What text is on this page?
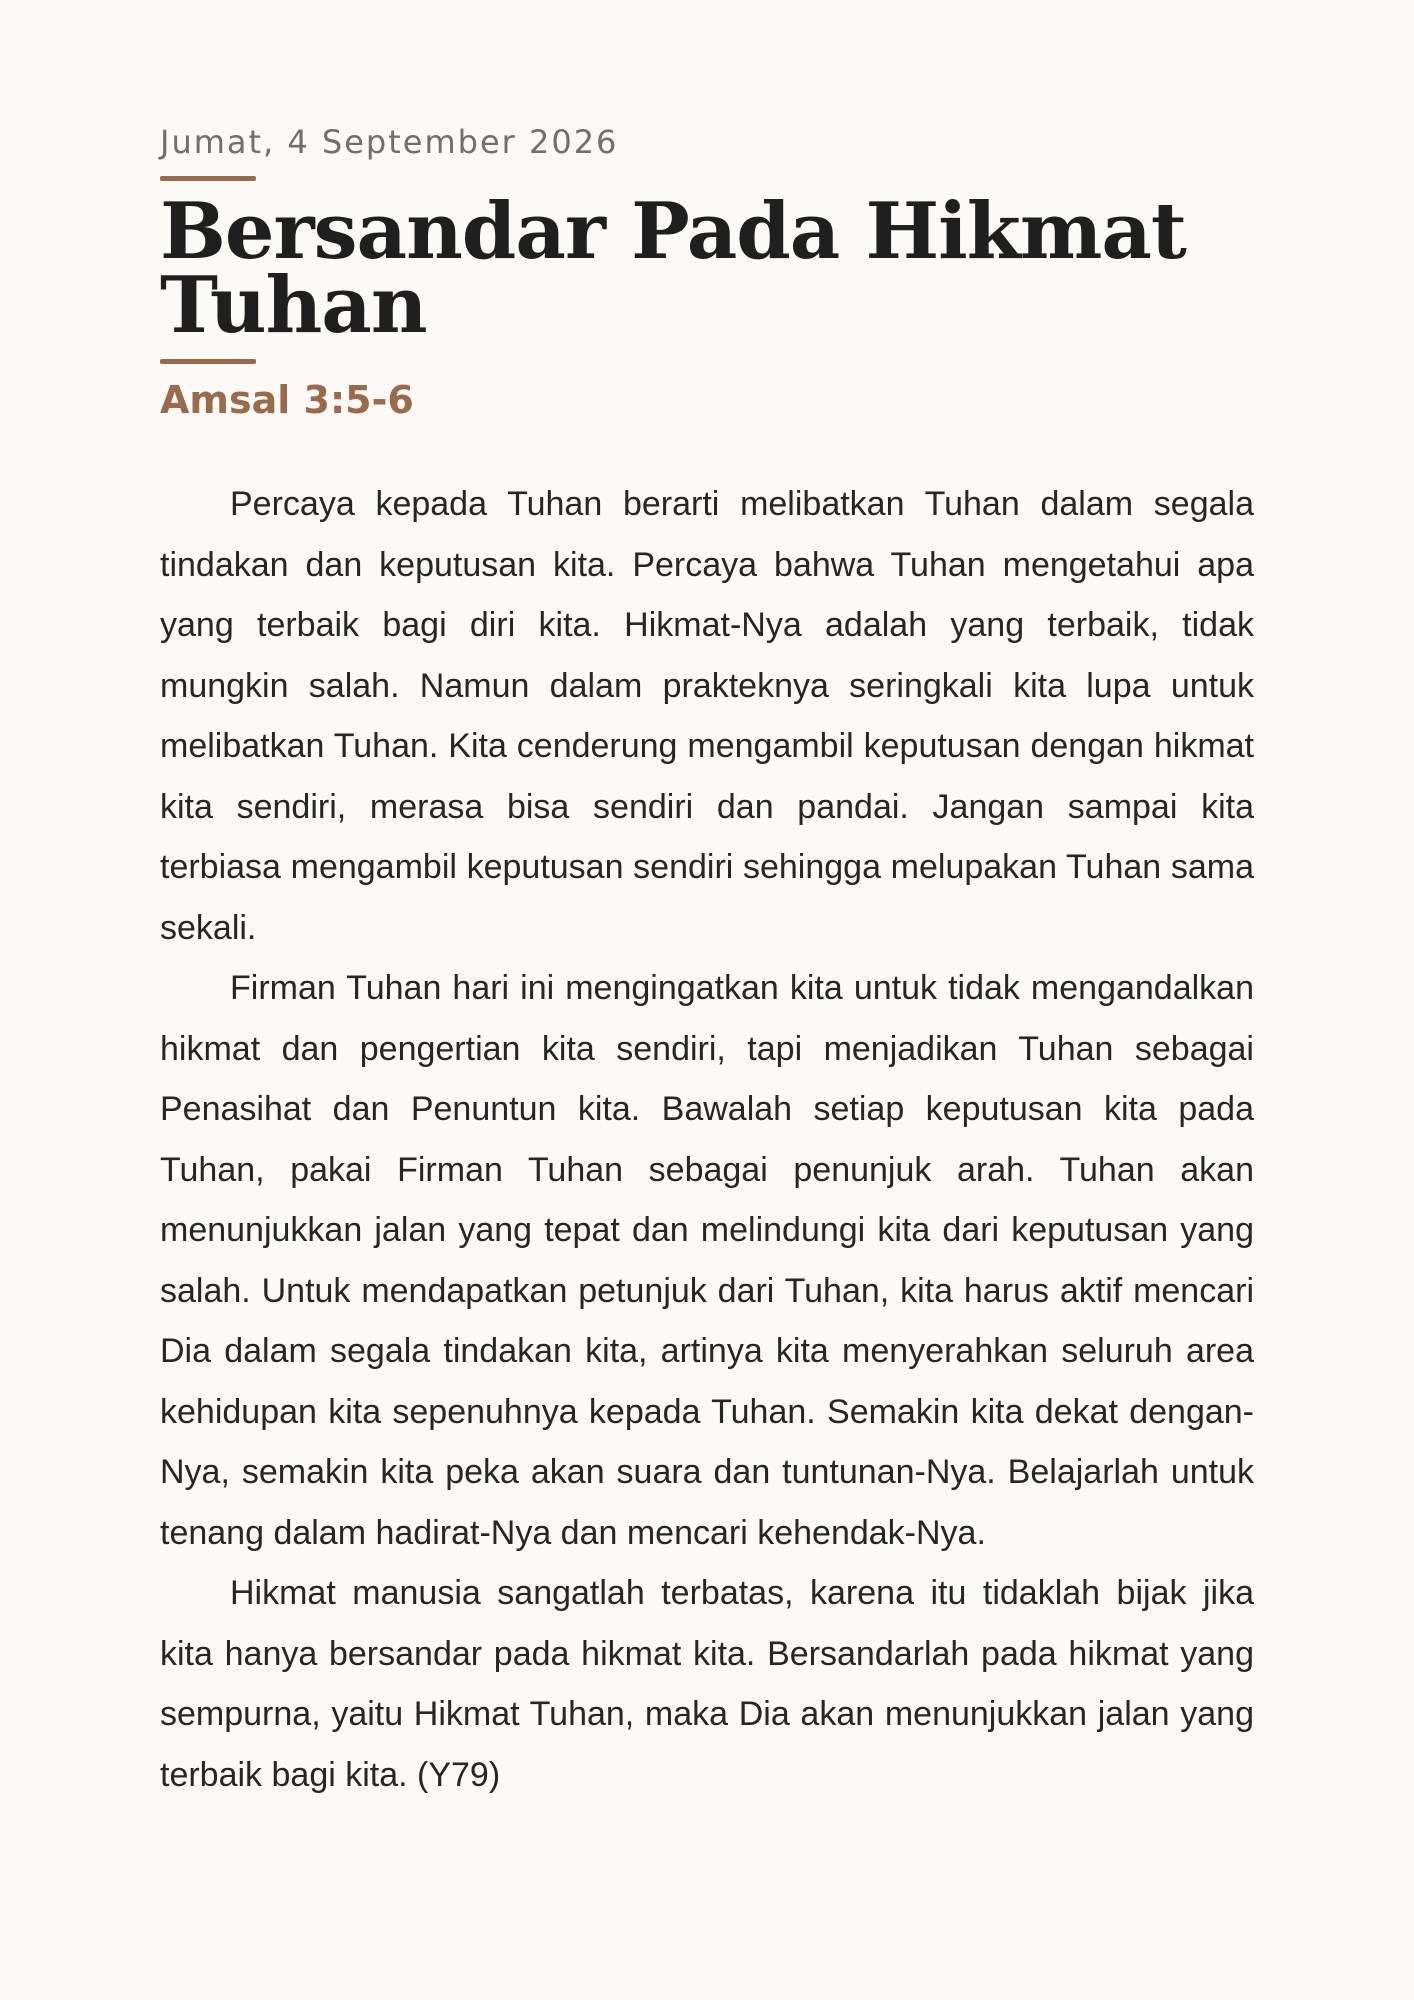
Jumat, 4 September 2026
Bersandar Pada Hikmat Tuhan
Amsal 3:5-6

Percaya kepada Tuhan berarti melibatkan Tuhan dalam segala tindakan dan keputusan kita. Percaya bahwa Tuhan mengetahui apa yang terbaik bagi diri kita. Hikmat-Nya adalah yang terbaik, tidak mungkin salah. Namun dalam prakteknya seringkali kita lupa untuk melibatkan Tuhan. Kita cenderung mengambil keputusan dengan hikmat kita sendiri, merasa bisa sendiri dan pandai. Jangan sampai kita terbiasa mengambil keputusan sendiri sehingga melupakan Tuhan sama sekali.

Firman Tuhan hari ini mengingatkan kita untuk tidak mengandalkan hikmat dan pengertian kita sendiri, tapi menjadikan Tuhan sebagai Penasihat dan Penuntun kita. Bawalah setiap keputusan kita pada Tuhan, pakai Firman Tuhan sebagai penunjuk arah. Tuhan akan menunjukkan jalan yang tepat dan melindungi kita dari keputusan yang salah. Untuk mendapatkan petunjuk dari Tuhan, kita harus aktif mencari Dia dalam segala tindakan kita, artinya kita menyerahkan seluruh area kehidupan kita sepenuhnya kepada Tuhan. Semakin kita dekat dengan-Nya, semakin kita peka akan suara dan tuntunan-Nya. Belajarlah untuk tenang dalam hadirat-Nya dan mencari kehendak-Nya.

Hikmat manusia sangatlah terbatas, karena itu tidaklah bijak jika kita hanya bersandar pada hikmat kita. Bersandarlah pada hikmat yang sempurna, yaitu Hikmat Tuhan, maka Dia akan menunjukkan jalan yang terbaik bagi kita. (Y79)
